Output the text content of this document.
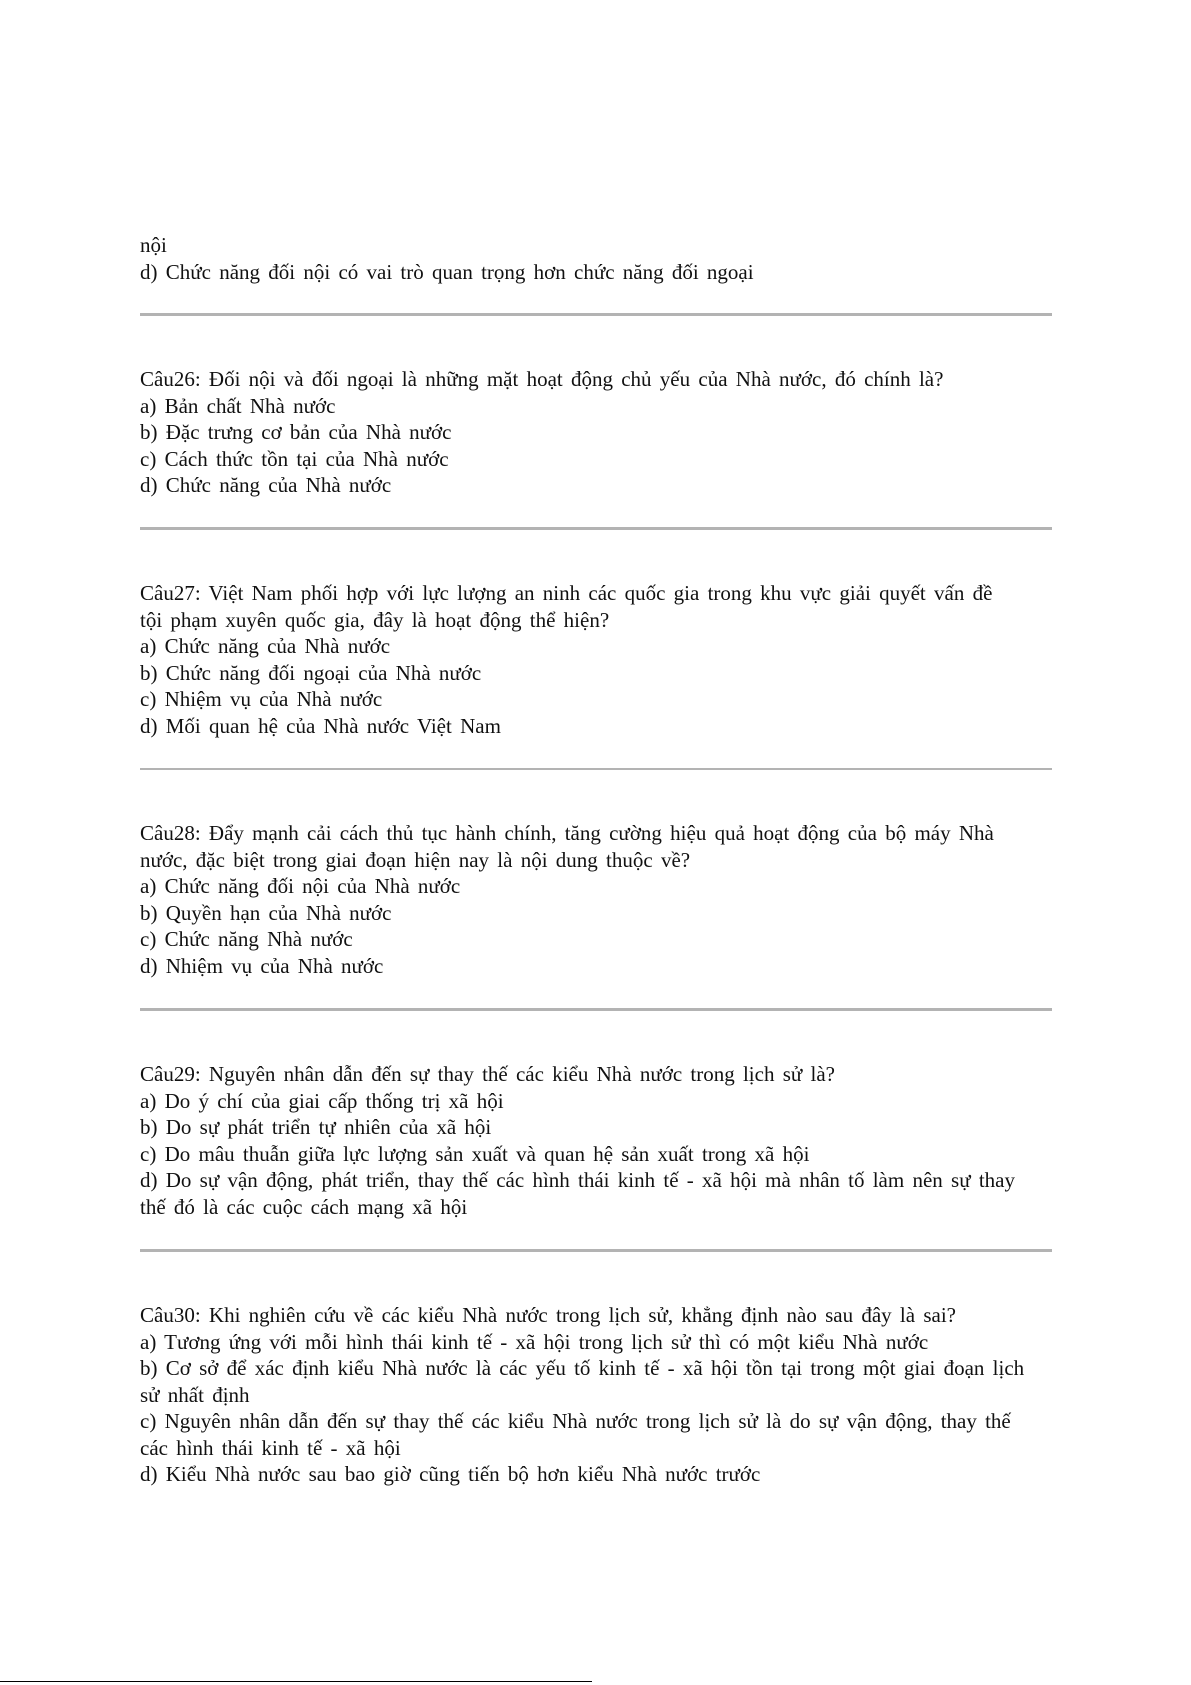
nội
d) Chức năng đối nội có vai trò quan trọng hơn chức năng đối ngoại
Câu26: Đối nội và đối ngoại là những mặt hoạt động chủ yếu của Nhà nước, đó chính là?
a) Bản chất Nhà nước
b) Đặc trưng cơ bản của Nhà nước
c) Cách thức tồn tại của Nhà nước
d) Chức năng của Nhà nước
Câu27: Việt Nam phối hợp với lực lượng an ninh các quốc gia trong khu vực giải quyết vấn đề
tội phạm xuyên quốc gia, đây là hoạt động thể hiện?
a) Chức năng của Nhà nước
b) Chức năng đối ngoại của Nhà nước
c) Nhiệm vụ của Nhà nước
d) Mối quan hệ của Nhà nước Việt Nam
Câu28: Đẩy mạnh cải cách thủ tục hành chính, tăng cường hiệu quả hoạt động của bộ máy Nhà
nước, đặc biệt trong giai đoạn hiện nay là nội dung thuộc về?
a) Chức năng đối nội của Nhà nước
b) Quyền hạn của Nhà nước
c) Chức năng Nhà nước
d) Nhiệm vụ của Nhà nước
Câu29: Nguyên nhân dẫn đến sự thay thế các kiểu Nhà nước trong lịch sử là?
a) Do ý chí của giai cấp thống trị xã hội
b) Do sự phát triển tự nhiên của xã hội
c) Do mâu thuẫn giữa lực lượng sản xuất và quan hệ sản xuất trong xã hội
d) Do sự vận động, phát triển, thay thế các hình thái kinh tế - xã hội mà nhân tố làm nên sự thay
thế đó là các cuộc cách mạng xã hội
Câu30: Khi nghiên cứu về các kiểu Nhà nước trong lịch sử, khẳng định nào sau đây là sai?
a) Tương ứng với mỗi hình thái kinh tế - xã hội trong lịch sử thì có một kiểu Nhà nước
b) Cơ sở để xác định kiểu Nhà nước là các yếu tố kinh tế - xã hội tồn tại trong một giai đoạn lịch
sử nhất định
c) Nguyên nhân dẫn đến sự thay thế các kiểu Nhà nước trong lịch sử là do sự vận động, thay thế
các hình thái kinh tế - xã hội
d) Kiểu Nhà nước sau bao giờ cũng tiến bộ hơn kiểu Nhà nước trước
